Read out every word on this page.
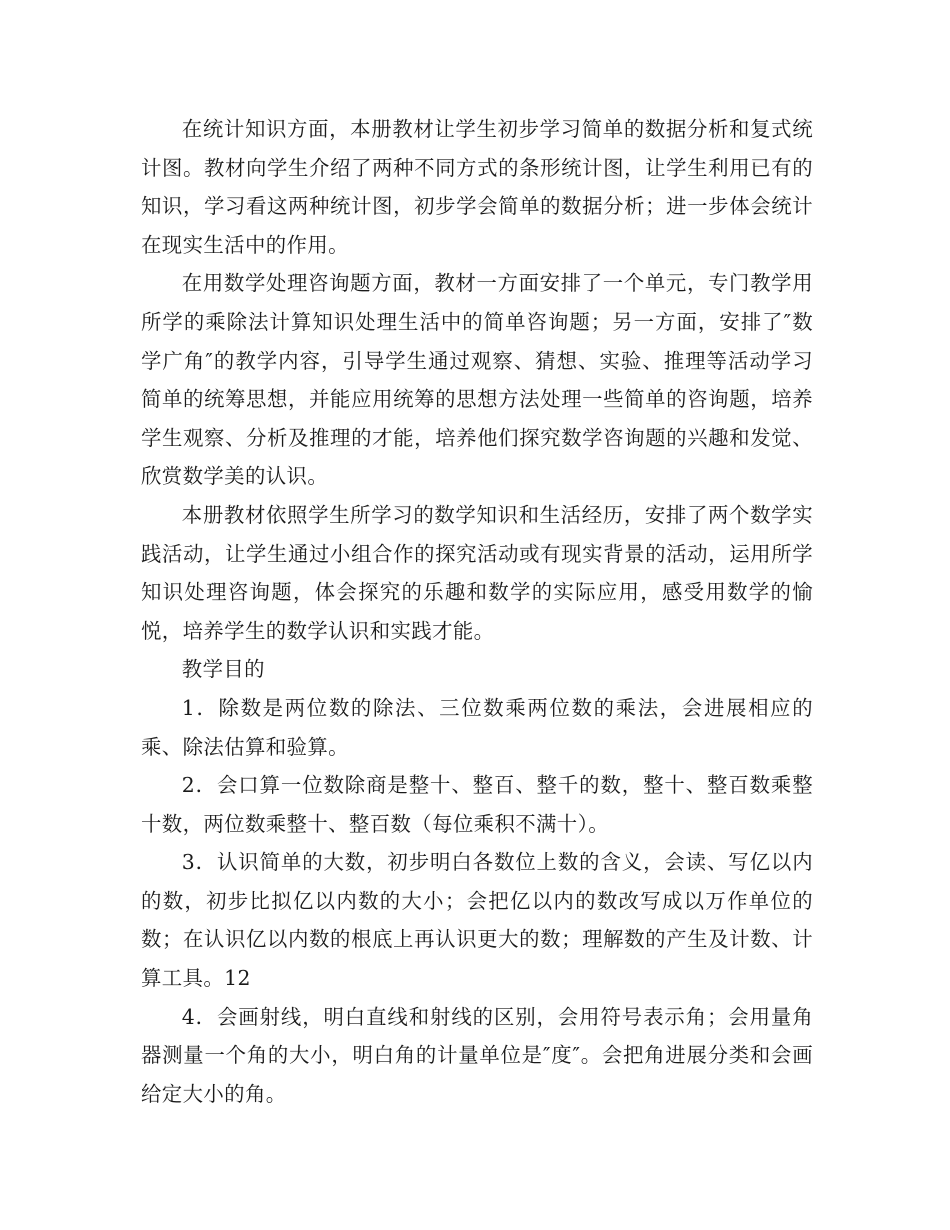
在统计知识方面，本册教材让学生初步学习简单的数据分析和复式统计图。教材向学生介绍了两种不同方式的条形统计图，让学生利用已有的知识，学习看这两种统计图，初步学会简单的数据分析；进一步体会统计在现实生活中的作用。

在用数学处理咨询题方面，教材一方面安排了一个单元，专门教学用所学的乘除法计算知识处理生活中的简单咨询题；另一方面，安排了″数学广角″的教学内容，引导学生通过观察、猜想、实验、推理等活动学习简单的统筹思想，并能应用统筹的思想方法处理一些简单的咨询题，培养学生观察、分析及推理的才能，培养他们探究数学咨询题的兴趣和发觉、欣赏数学美的认识。

本册教材依照学生所学习的数学知识和生活经历，安排了两个数学实践活动，让学生通过小组合作的探究活动或有现实背景的活动，运用所学知识处理咨询题，体会探究的乐趣和数学的实际应用，感受用数学的愉悦，培养学生的数学认识和实践才能。

教学目的

1．除数是两位数的除法、三位数乘两位数的乘法，会进展相应的乘、除法估算和验算。

2．会口算一位数除商是整十、整百、整千的数，整十、整百数乘整十数，两位数乘整十、整百数（每位乘积不满十）。

3．认识简单的大数，初步明白各数位上数的含义，会读、写亿以内的数，初步比拟亿以内数的大小；会把亿以内的数改写成以万作单位的数；在认识亿以内数的根底上再认识更大的数；理解数的产生及计数、计算工具。12

4．会画射线，明白直线和射线的区别，会用符号表示角；会用量角器测量一个角的大小，明白角的计量单位是″度″。会把角进展分类和会画给定大小的角。
